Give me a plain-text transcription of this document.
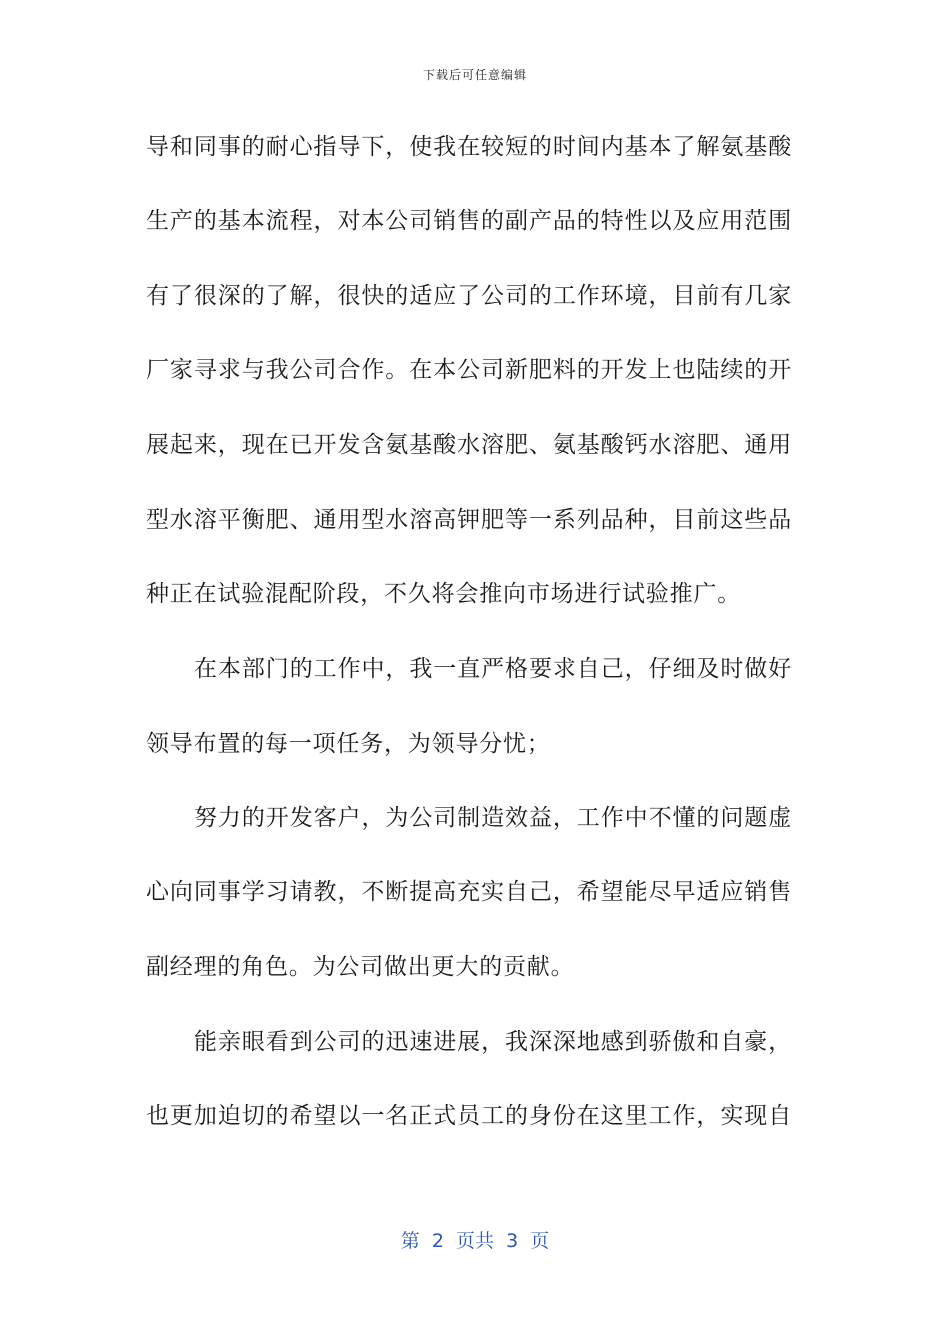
下载后可任意编辑
导和同事的耐心指导下，使我在较短的时间内基本了解氨基酸
生产的基本流程，对本公司销售的副产品的特性以及应用范围
有了很深的了解，很快的适应了公司的工作环境，目前有几家
厂家寻求与我公司合作。在本公司新肥料的开发上也陆续的开
展起来，现在已开发含氨基酸水溶肥、氨基酸钙水溶肥、通用
型水溶平衡肥、通用型水溶高钾肥等一系列品种，目前这些品
种正在试验混配阶段，不久将会推向市场进行试验推广。
在本部门的工作中，我一直严格要求自己，仔细及时做好
领导布置的每一项任务，为领导分忧；
努力的开发客户，为公司制造效益，工作中不懂的问题虚
心向同事学习请教，不断提高充实自己，希望能尽早适应销售
副经理的角色。为公司做出更大的贡献。
能亲眼看到公司的迅速进展，我深深地感到骄傲和自豪，
也更加迫切的希望以一名正式员工的身份在这里工作，实现自
第  2  页共  3  页
